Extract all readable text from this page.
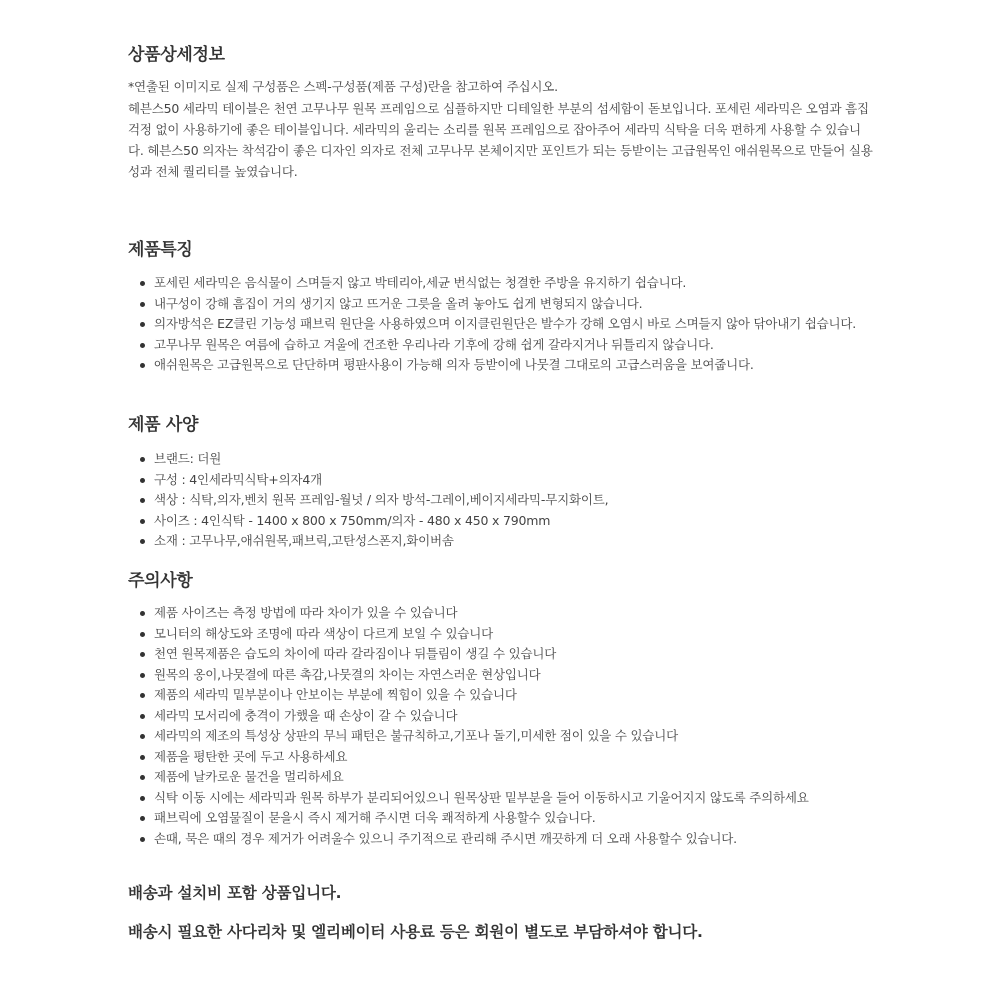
상품상세정보

*연출된 이미지로 실제 구성품은 스펙-구성품(제품 구성)란을 참고하여 주십시오.

헤븐스50 세라믹 테이블은 천연 고무나무 원목 프레임으로 심플하지만 디테일한 부분의 섬세함이 돋보입니다. 포세린 세라믹은 오염과 흠집 걱정 없이 사용하기에 좋은 테이블입니다. 세라믹의 울리는 소리를 원목 프레임으로 잡아주어 세라믹 식탁을 더욱 편하게 사용할 수 있습니다. 헤븐스50 의자는 착석감이 좋은 디자인 의자로 전체 고무나무 본체이지만 포인트가 되는 등받이는 고급원목인 애쉬원목으로 만들어 실용성과 전체 퀄리티를 높였습니다.

제품특징
포세린 세라믹은 음식물이 스며들지 않고 박테리아,세균 번식없는 청결한 주방을 유지하기 쉽습니다.
내구성이 강해 흠집이 거의 생기지 않고 뜨거운 그릇을 올려 놓아도 쉽게 변형되지 않습니다.
의자방석은 EZ클린 기능성 패브릭 원단을 사용하였으며 이지클린원단은 발수가 강해 오염시 바로 스며들지 않아 닦아내기 쉽습니다.
고무나무 원목은 여름에 습하고 겨울에 건조한 우리나라 기후에 강해 쉽게 갈라지거나 뒤틀리지 않습니다.
애쉬원목은 고급원목으로 단단하며 평판사용이 가능해 의자 등받이에 나뭇결 그대로의 고급스러움을 보여줍니다.
제품 사양
브랜드: 더원
구성 : 4인세라믹식탁+의자4개
색상 : 식탁,의자,벤치 원목 프레임-월넛 / 의자 방석-그레이,베이지세라믹-무지화이트,
사이즈 : 4인식탁 - 1400 x 800 x 750mm/의자 - 480 x 450 x 790mm
소재 : 고무나무,애쉬원목,패브릭,고탄성스폰지,화이버솜
주의사항
제품 사이즈는 측정 방법에 따라 차이가 있을 수 있습니다
모니터의 해상도와 조명에 따라 색상이 다르게 보일 수 있습니다
천연 원목제품은 습도의 차이에 따라 갈라짐이나 뒤틀림이 생길 수 있습니다
원목의 옹이,나뭇결에 따른 촉감,나뭇결의 차이는 자연스러운 현상입니다
제품의 세라믹 밑부분이나 안보이는 부분에 찍힘이 있을 수 있습니다
세라믹 모서리에 충격이 가했을 때 손상이 갈 수 있습니다
세라믹의 제조의 특성상 상판의 무늬 패턴은 불규칙하고,기포나 돌기,미세한 점이 있을 수 있습니다
제품을 평탄한 곳에 두고 사용하세요
제품에 날카로운 물건을 멀리하세요
식탁 이동 시에는 세라믹과 원목 하부가 분리되어있으니 원목상판 밑부분을 들어 이동하시고 기울어지지 않도록 주의하세요
패브릭에 오염물질이 묻을시 즉시 제거해 주시면 더욱 쾌적하게 사용할수 있습니다.
손때, 묵은 때의 경우 제거가 어려울수 있으니 주기적으로 관리해 주시면 깨끗하게 더 오래 사용할수 있습니다.

배송과 설치비 포함 상품입니다.

배송시 필요한 사다리차 및 엘리베이터 사용료 등은 회원이 별도로 부담하셔야 합니다.
